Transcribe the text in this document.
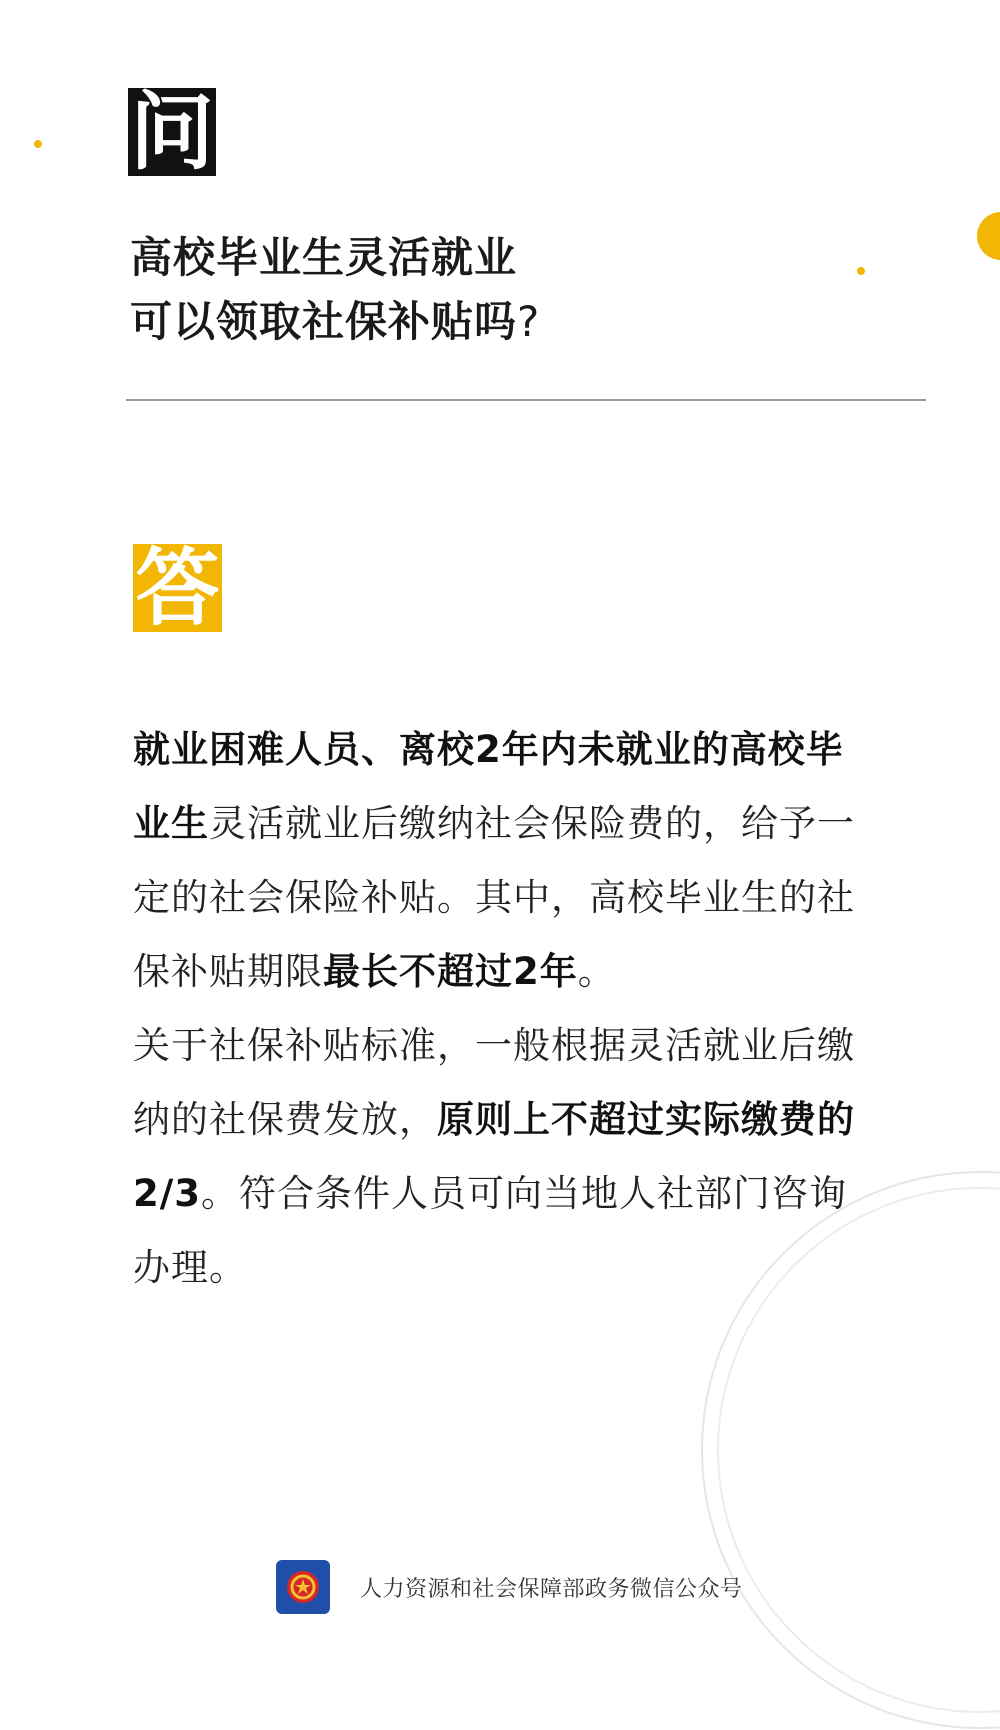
问
高校毕业生灵活就业
可以领取社保补贴吗?
答

就业困难人员、离校2年内未就业的高校毕业生灵活就业后缴纳社会保险费的，给予一定的社会保险补贴。其中，高校毕业生的社保补贴期限最长不超过2年。

关于社保补贴标准，一般根据灵活就业后缴纳的社保费发放，原则上不超过实际缴费的2/3。符合条件人员可向当地人社部门咨询办理。

人力资源和社会保障部政务微信公众号
